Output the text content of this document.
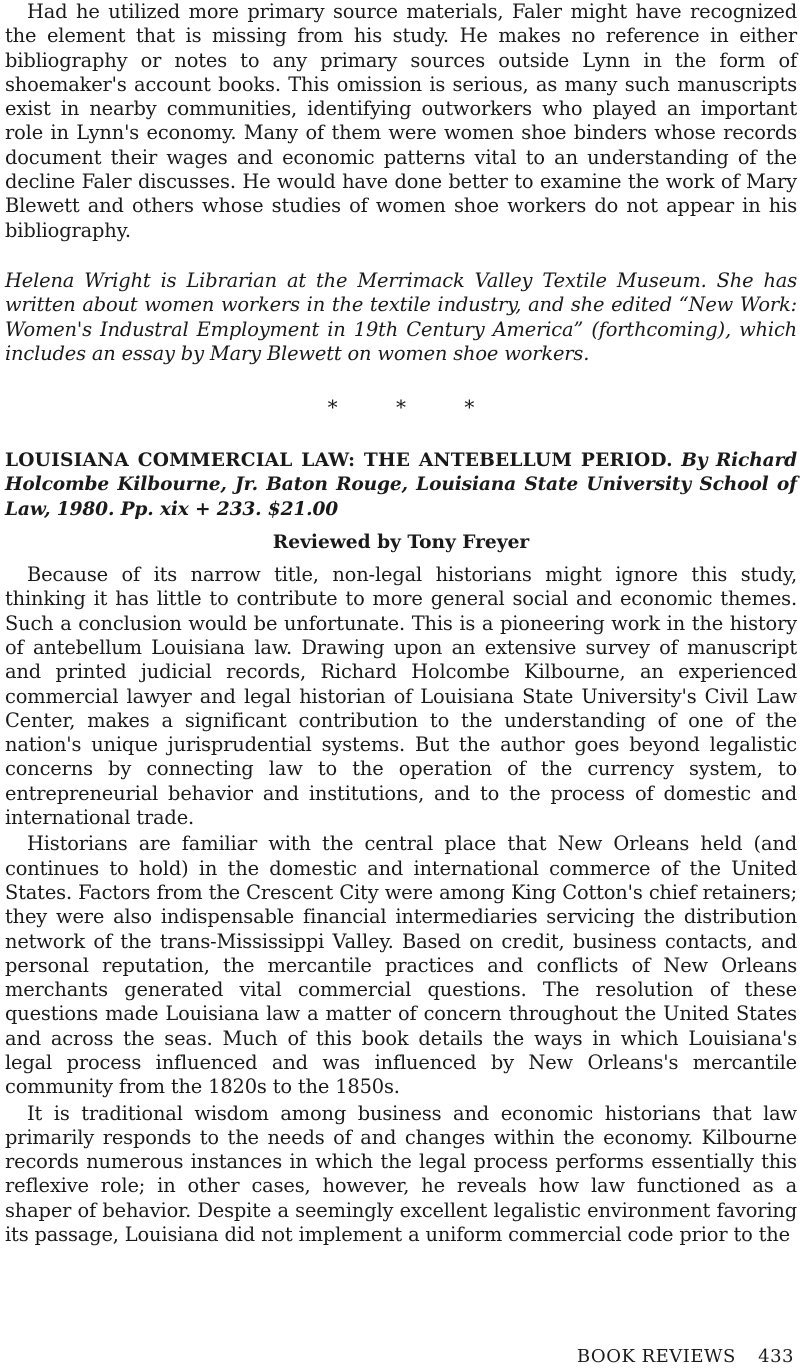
Had he utilized more primary source materials, Faler might have recognized the element that is missing from his study. He makes no reference in either bibliography or notes to any primary sources outside Lynn in the form of shoemaker's account books. This omission is serious, as many such manuscripts exist in nearby communities, identifying outworkers who played an important role in Lynn's economy. Many of them were women shoe binders whose records document their wages and economic patterns vital to an understanding of the decline Faler discusses. He would have done better to examine the work of Mary Blewett and others whose studies of women shoe workers do not appear in his bibliography.

Helena Wright is Librarian at the Merrimack Valley Textile Museum. She has written about women workers in the textile industry, and she edited “New Work: Women's Industral Employment in 19th Century America” (forthcoming), which includes an essay by Mary Blewett on women shoe workers.

* * *

LOUISIANA COMMERCIAL LAW: THE ANTEBELLUM PERIOD. By Richard Holcombe Kilbourne, Jr. Baton Rouge, Louisiana State University School of Law, 1980. Pp. xix + 233. $21.00

Reviewed by Tony Freyer

Because of its narrow title, non-legal historians might ignore this study, thinking it has little to contribute to more general social and economic themes. Such a conclusion would be unfortunate. This is a pioneering work in the history of antebellum Louisiana law. Drawing upon an extensive survey of manuscript and printed judicial records, Richard Holcombe Kilbourne, an experienced commercial lawyer and legal historian of Louisiana State University's Civil Law Center, makes a significant contribution to the understanding of one of the nation's unique jurisprudential systems. But the author goes beyond legalistic concerns by connecting law to the operation of the currency system, to entrepreneurial behavior and institutions, and to the process of domestic and international trade.

Historians are familiar with the central place that New Orleans held (and continues to hold) in the domestic and international commerce of the United States. Factors from the Crescent City were among King Cotton's chief retainers; they were also indispensable financial intermediaries servicing the distribution network of the trans-Mississippi Valley. Based on credit, business contacts, and personal reputation, the mercantile practices and conflicts of New Orleans merchants generated vital commercial questions. The resolution of these questions made Louisiana law a matter of concern throughout the United States and across the seas. Much of this book details the ways in which Louisiana's legal process influenced and was influenced by New Orleans's mercantile community from the 1820s to the 1850s.

It is traditional wisdom among business and economic historians that law primarily responds to the needs of and changes within the economy. Kilbourne records numerous instances in which the legal process performs essentially this reflexive role; in other cases, however, he reveals how law functioned as a shaper of behavior. Despite a seemingly excellent legalistic environment favoring its passage, Louisiana did not implement a uniform commercial code prior to the

BOOK REVIEWS 433
